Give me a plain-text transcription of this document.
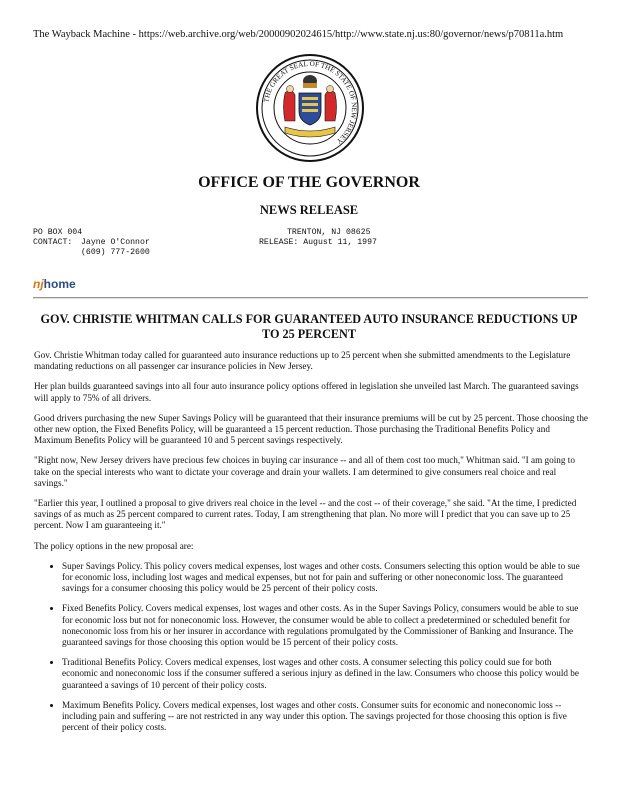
The Wayback Machine - https://web.archive.org/web/20000902024615/http://www.state.nj.us:80/governor/news/p70811a.htm
THE GREAT SEAL OF THE STATE OF NEW JERSEY
OFFICE OF THE GOVERNOR
NEWS RELEASE
PO BOX 004	TRENTON, NJ 08625
CONTACT: Jayne O'Connor	RELEASE: August 11, 1997
(609) 777-2600
njhome
GOV. CHRISTIE WHITMAN CALLS FOR GUARANTEED AUTO INSURANCE REDUCTIONS UP TO 25 PERCENT

Gov. Christie Whitman today called for guaranteed auto insurance reductions up to 25 percent when she submitted amendments to the Legislature mandating reductions on all passenger car insurance policies in New Jersey.

Her plan builds guaranteed savings into all four auto insurance policy options offered in legislation she unveiled last March. The guaranteed savings will apply to 75% of all drivers.

Good drivers purchasing the new Super Savings Policy will be guaranteed that their insurance premiums will be cut by 25 percent. Those choosing the other new option, the Fixed Benefits Policy, will be guaranteed a 15 percent reduction. Those purchasing the Traditional Benefits Policy and Maximum Benefits Policy will be guaranteed 10 and 5 percent savings respectively.

"Right now, New Jersey drivers have precious few choices in buying car insurance -- and all of them cost too much," Whitman said. "I am going to take on the special interests who want to dictate your coverage and drain your wallets. I am determined to give consumers real choice and real savings."

"Earlier this year, I outlined a proposal to give drivers real choice in the level -- and the cost -- of their coverage," she said. "At the time, I predicted savings of as much as 25 percent compared to current rates. Today, I am strengthening that plan. No more will I predict that you can save up to 25 percent. Now I am guaranteeing it."

The policy options in the new proposal are:

• Super Savings Policy. This policy covers medical expenses, lost wages and other costs. Consumers selecting this option would be able to sue for economic loss, including lost wages and medical expenses, but not for pain and suffering or other noneconomic loss. The guaranteed savings for a consumer choosing this policy would be 25 percent of their policy costs.
• Fixed Benefits Policy. Covers medical expenses, lost wages and other costs. As in the Super Savings Policy, consumers would be able to sue for economic loss but not for noneconomic loss. However, the consumer would be able to collect a predetermined or scheduled benefit for noneconomic loss from his or her insurer in accordance with regulations promulgated by the Commissioner of Banking and Insurance. The guaranteed savings for those choosing this option would be 15 percent of their policy costs.
• Traditional Benefits Policy. Covers medical expenses, lost wages and other costs. A consumer selecting this policy could sue for both economic and noneconomic loss if the consumer suffered a serious injury as defined in the law. Consumers who choose this policy would be guaranteed a savings of 10 percent of their policy costs.
• Maximum Benefits Policy. Covers medical expenses, lost wages and other costs. Consumer suits for economic and noneconomic loss -- including pain and suffering -- are not restricted in any way under this option. The savings projected for those choosing this option is five percent of their policy costs.
